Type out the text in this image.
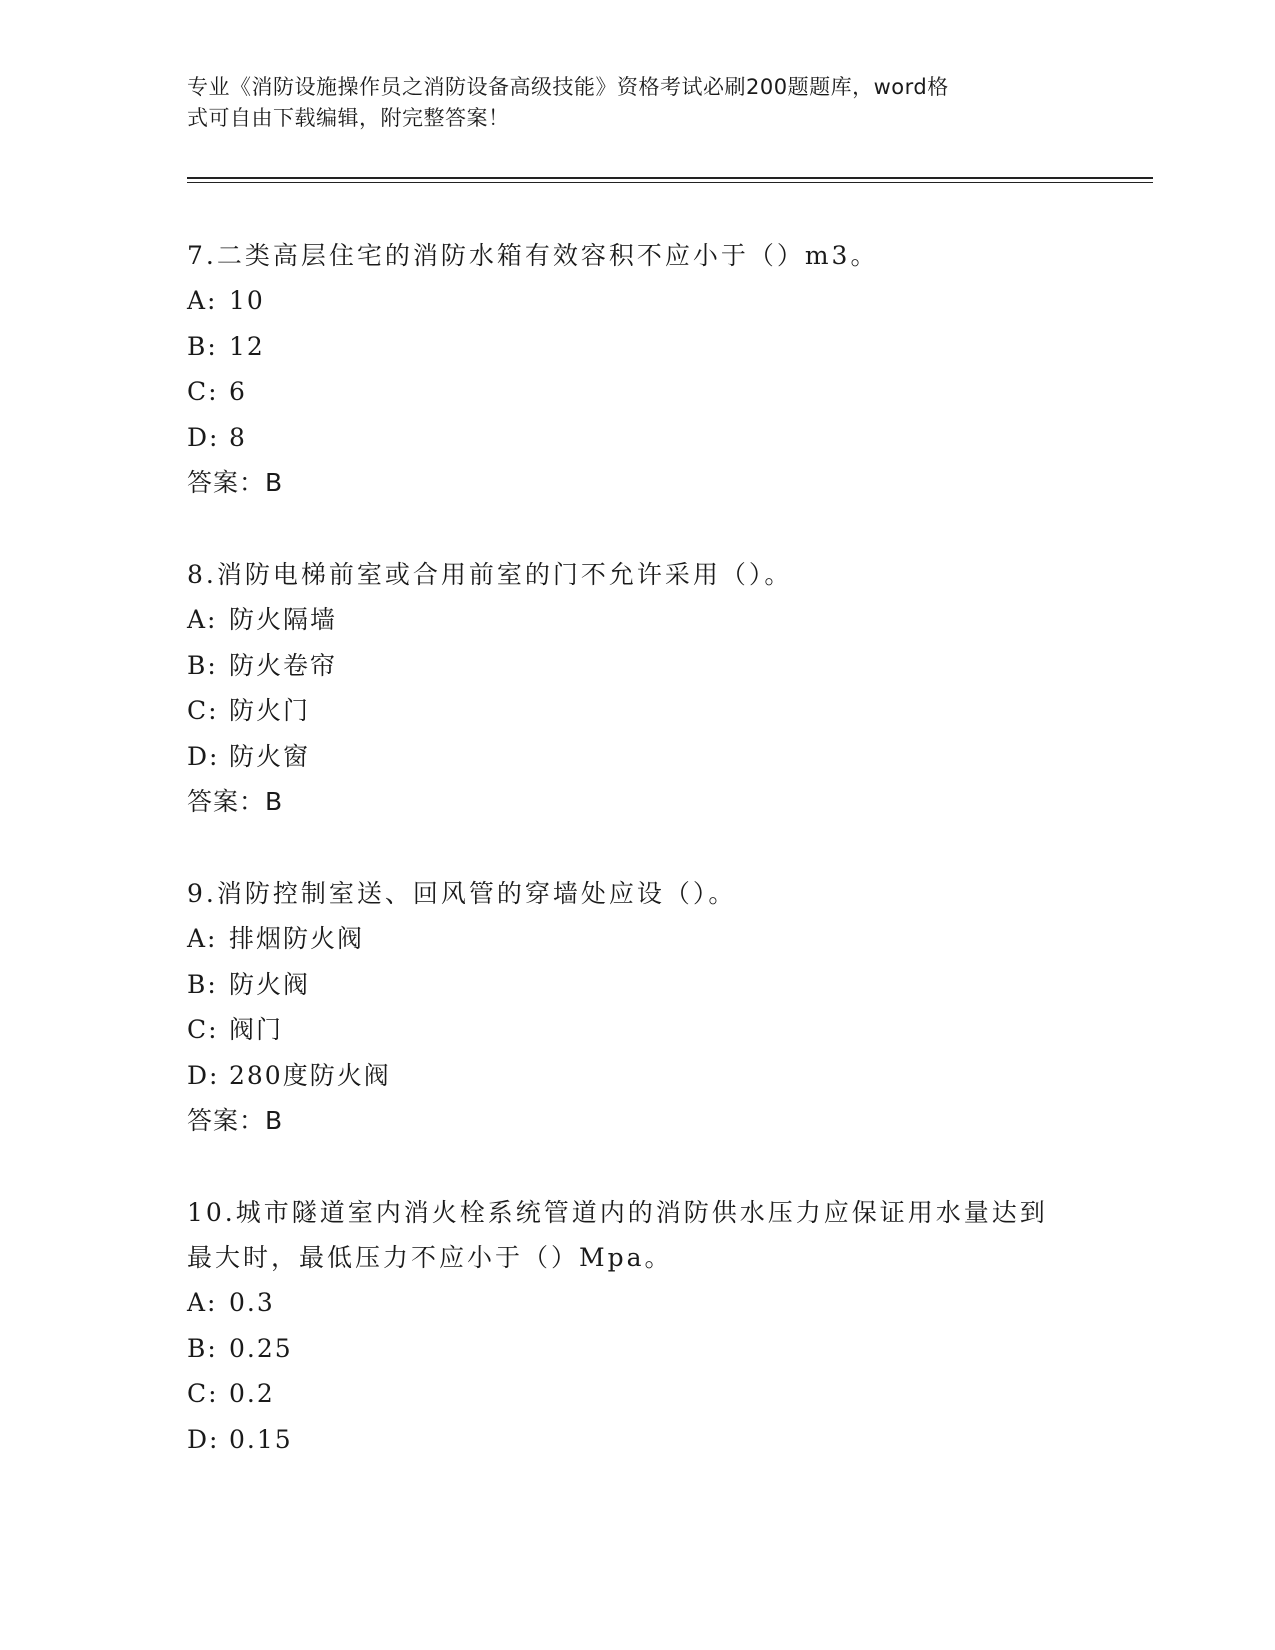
专业《消防设施操作员之消防设备高级技能》资格考试必刷200题题库，word格
式可自由下载编辑，附完整答案！

7.二类高层住宅的消防水箱有效容积不应小于（）m3。

A: 10

B: 12

C: 6

D: 8

答案：B

8.消防电梯前室或合用前室的门不允许采用（）。

A: 防火隔墙

B: 防火卷帘

C: 防火门

D: 防火窗

答案：B

9.消防控制室送、回风管的穿墙处应设（）。

A: 排烟防火阀

B: 防火阀

C: 阀门

D: 280度防火阀

答案：B

10.城市隧道室内消火栓系统管道内的消防供水压力应保证用水量达到

最大时，最低压力不应小于（）Mpa。

A: 0.3

B: 0.25

C: 0.2

D: 0.15
